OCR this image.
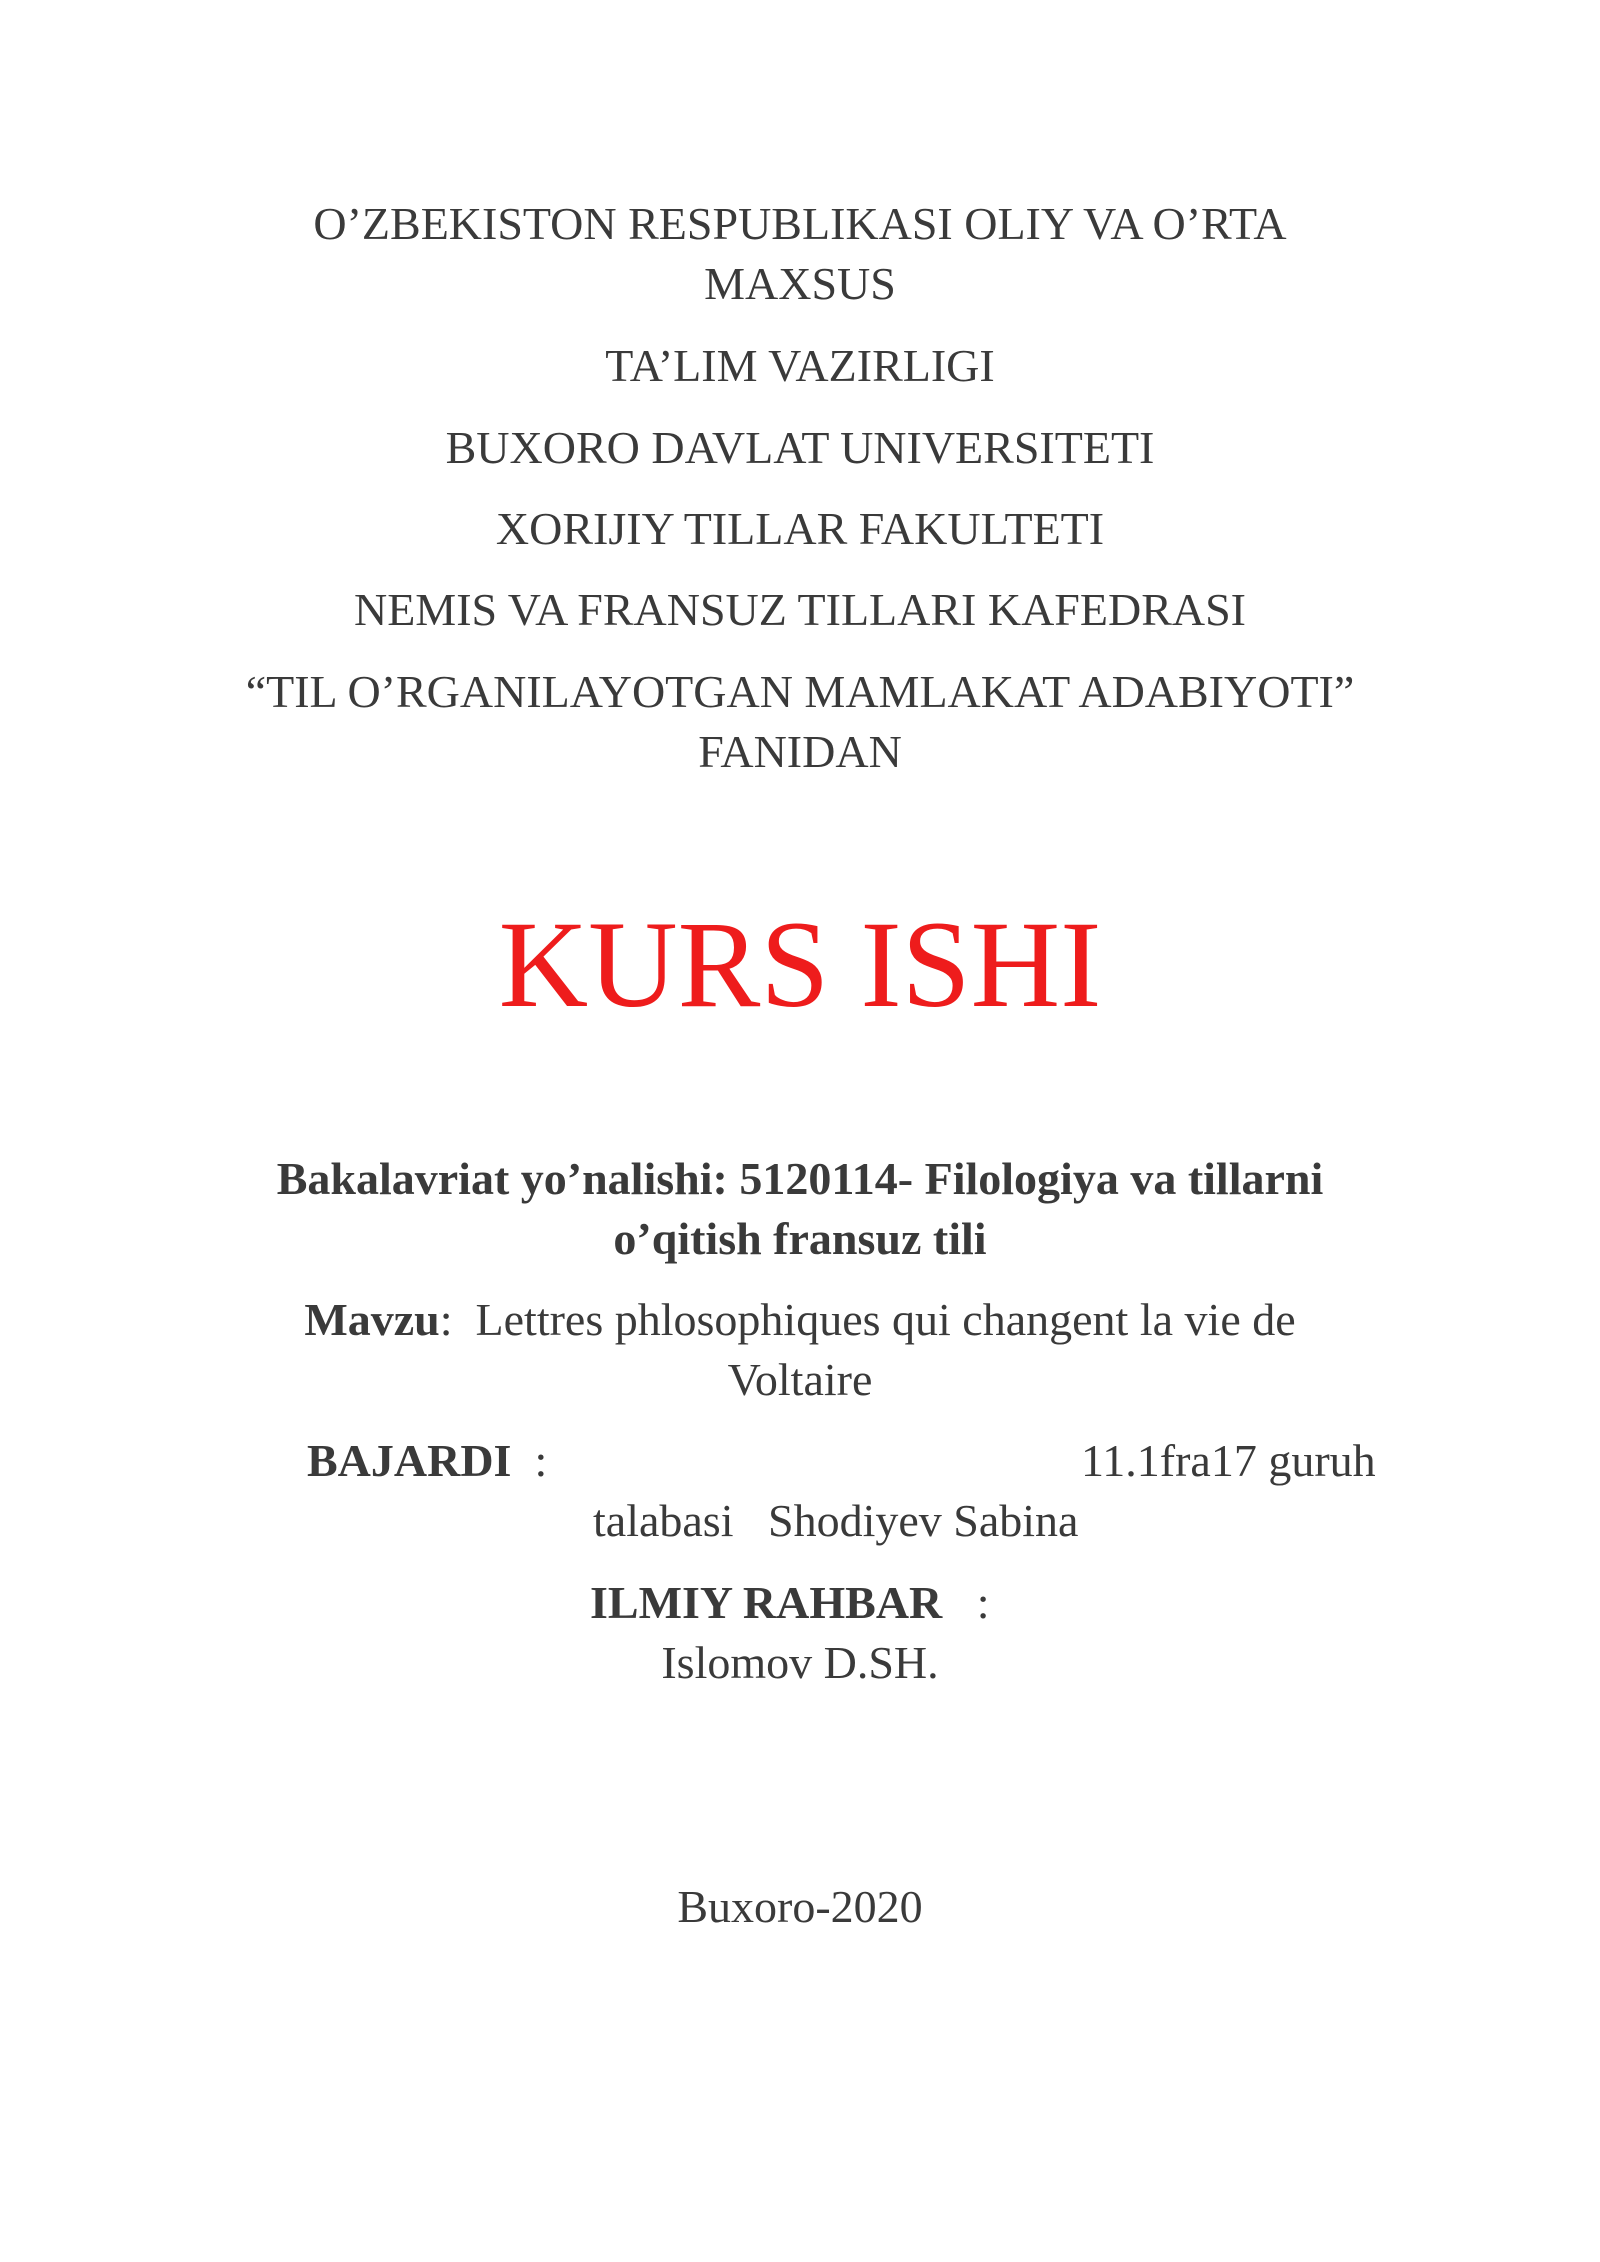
O’ZBEKISTON RESPUBLIKASI OLIY VA O’RTA
MAXSUS
TA’LIM VAZIRLIGI
BUXORO DAVLAT UNIVERSITETI
XORIJIY TILLAR FAKULTETI
NEMIS VA FRANSUZ TILLARI KAFEDRASI
“TIL O’RGANILAYOTGAN MAMLAKAT ADABIYOTI”
FANIDAN
KURS ISHI
Bakalavriat yo’nalishi: 5120114- Filologiya va tillarni
o’qitish fransuz tili
Mavzu: Lettres phlosophiques qui changent la vie de
Voltaire
BAJARDI :	11.1fra17 guruh
talabasi Shodiyev Sabina
ILMIY RAHBAR :
Islomov D.SH.
Buxoro-2020
